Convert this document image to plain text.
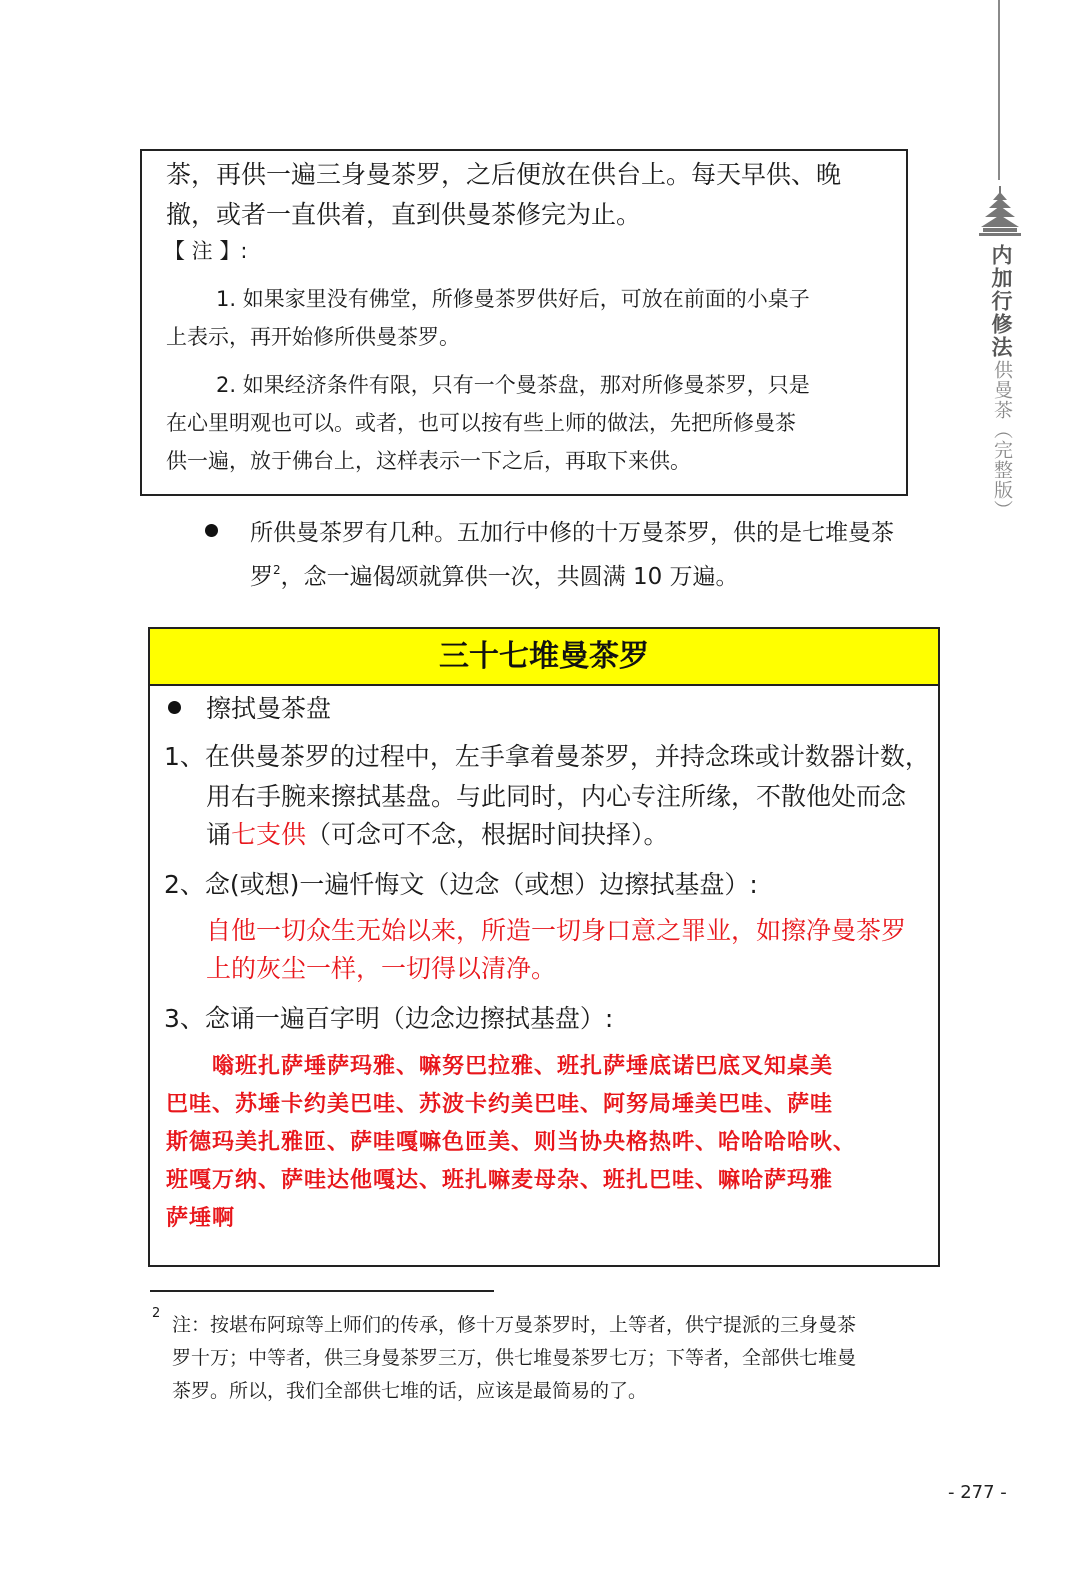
内加行修法
供曼茶（完整版）
茶，再供一遍三身曼茶罗，之后便放在供台上。每天早供、晚
撤，或者一直供着，直到供曼茶修完为止。
【 注 】:
1. 如果家里没有佛堂，所修曼茶罗供好后，可放在前面的小桌子
上表示，再开始修所供曼茶罗。
2. 如果经济条件有限，只有一个曼茶盘，那对所修曼茶罗，只是
在心里明观也可以。或者，也可以按有些上师的做法，先把所修曼茶
供一遍，放于佛台上，这样表示一下之后，再取下来供。
所供曼茶罗有几种。五加行中修的十万曼茶罗，供的是七堆曼茶
罗$^2$，念一遍偈颂就算供一次，共圆满 10 万遍。
三十七堆曼茶罗
擦拭曼茶盘
1、在供曼茶罗的过程中，左手拿着曼茶罗，并持念珠或计数器计数，
用右手腕来擦拭基盘。与此同时，内心专注所缘，不散他处而念
诵七支供（可念可不念，根据时间抉择）。
2、念(或想)一遍忏悔文（边念（或想）边擦拭基盘）:
自他一切众生无始以来，所造一切身口意之罪业，如擦净曼茶罗
上的灰尘一样，一切得以清净。
3、念诵一遍百字明（边念边擦拭基盘）:
　　嗡班扎萨埵萨玛雅、嘛努巴拉雅、班扎萨埵底诺巴底叉知桌美
巴哇、苏埵卡约美巴哇、苏波卡约美巴哇、阿努局埵美巴哇、萨哇
斯德玛美扎雅匝、萨哇嘎嘛色匝美、则当协央格热吽、哈哈哈哈吙、
班嘎万纳、萨哇达他嘎达、班扎嘛麦母杂、班扎巴哇、嘛哈萨玛雅
萨埵啊
2
注：按堪布阿琼等上师们的传承，修十万曼茶罗时，上等者，供宁提派的三身曼茶
罗十万；中等者，供三身曼茶罗三万，供七堆曼茶罗七万；下等者，全部供七堆曼
茶罗。所以，我们全部供七堆的话，应该是最简易的了。
- 277 -
